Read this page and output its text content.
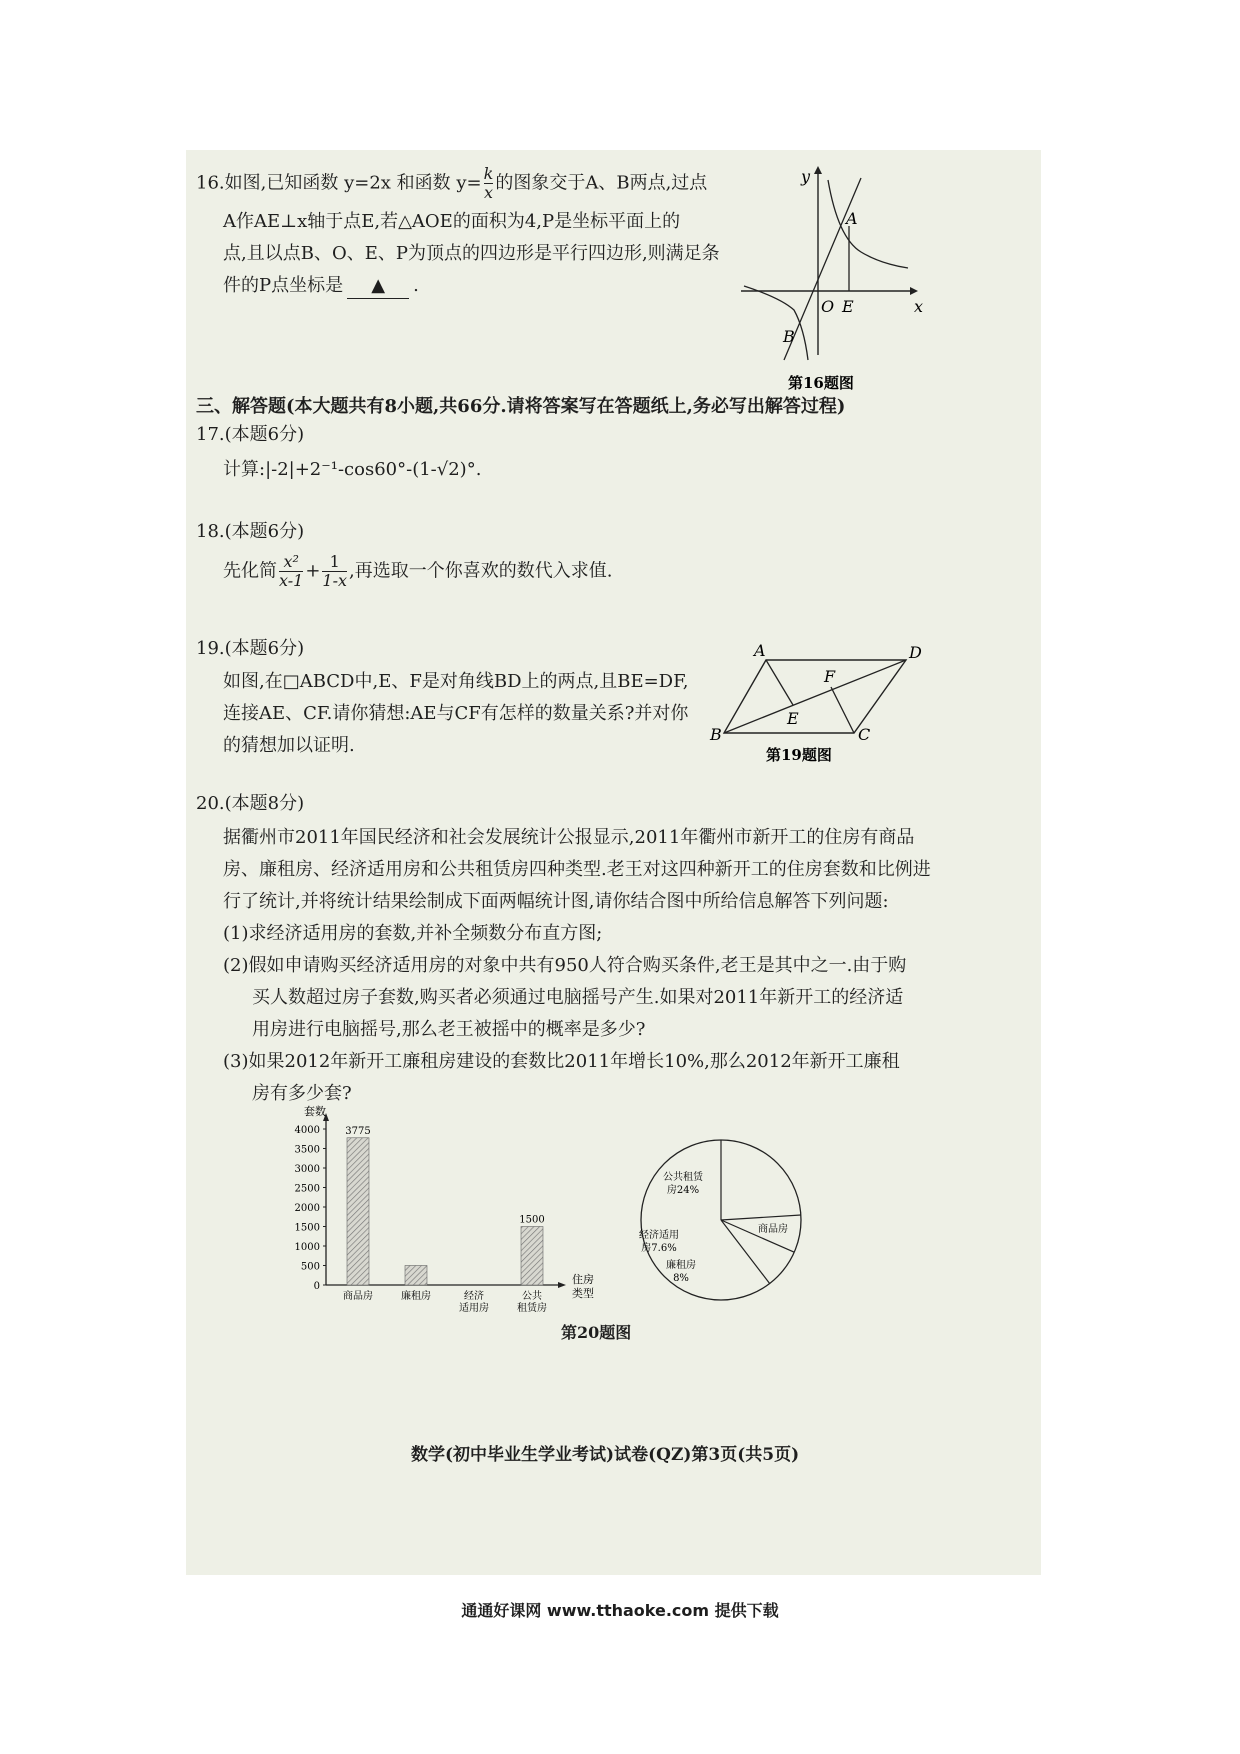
16.如图,已知函数 y=2x 和函数 $y= \frac{k}{x}$ 的图象交于A、B两点,过点
A作AE⊥x轴于点E,若△AOE的面积为4,P是坐标平面上的
点,且以点B、O、E、P为顶点的四边形是平行四边形,则满足条
件的P点坐标是 ▲ .
y
x
A
O E
B
第16题图
三、解答题(本大题共有8小题,共66分.请将答案写在答题纸上,务必写出解答过程)
17.(本题6分)
计算:|-2|+2⁻¹-cos60°-(1-√2)°.
18.(本题6分)
先化简 $\frac{\text{x²}}{x-1} + \frac{1}{1-x}$ ,再选取一个你喜欢的数代入求值.
19.(本题6分)
如图,在□ABCD中,E、F是对角线BD上的两点,且BE=DF,
连接AE、CF.请你猜想:AE与CF有怎样的数量关系?并对你
的猜想加以证明.
A	D
B	C
E
F
第19题图
20.(本题8分)
据衢州市2011年国民经济和社会发展统计公报显示,2011年衢州市新开工的住房有商品
房、廉租房、经济适用房和公共租赁房四种类型.老王对这四种新开工的住房套数和比例进
行了统计,并将统计结果绘制成下面两幅统计图,请你结合图中所给信息解答下列问题:
(1)求经济适用房的套数,并补全频数分布直方图;
(2)假如申请购买经济适用房的对象中共有950人符合购买条件,老王是其中之一.由于购
买人数超过房子套数,购买者必须通过电脑摇号产生.如果对2011年新开工的经济适
用房进行电脑摇号,那么老王被摇中的概率是多少?
(3)如果2012年新开工廉租房建设的套数比2011年增长10%,那么2012年新开工廉租
房有多少套?
套数
0
500
1000
1500
2000
2500
3000
3500
4000
住房
类型
3775
商品房	廉租房	经济
适用房
1500
公共
租赁房
公共租赁
房24%
经济适用
房7.6%
廉租房
8%
商品房
第20题图
数学(初中毕业生学业考试)试卷(QZ)第3页(共5页)
通通好课网 www.tthaoke.com 提供下载
